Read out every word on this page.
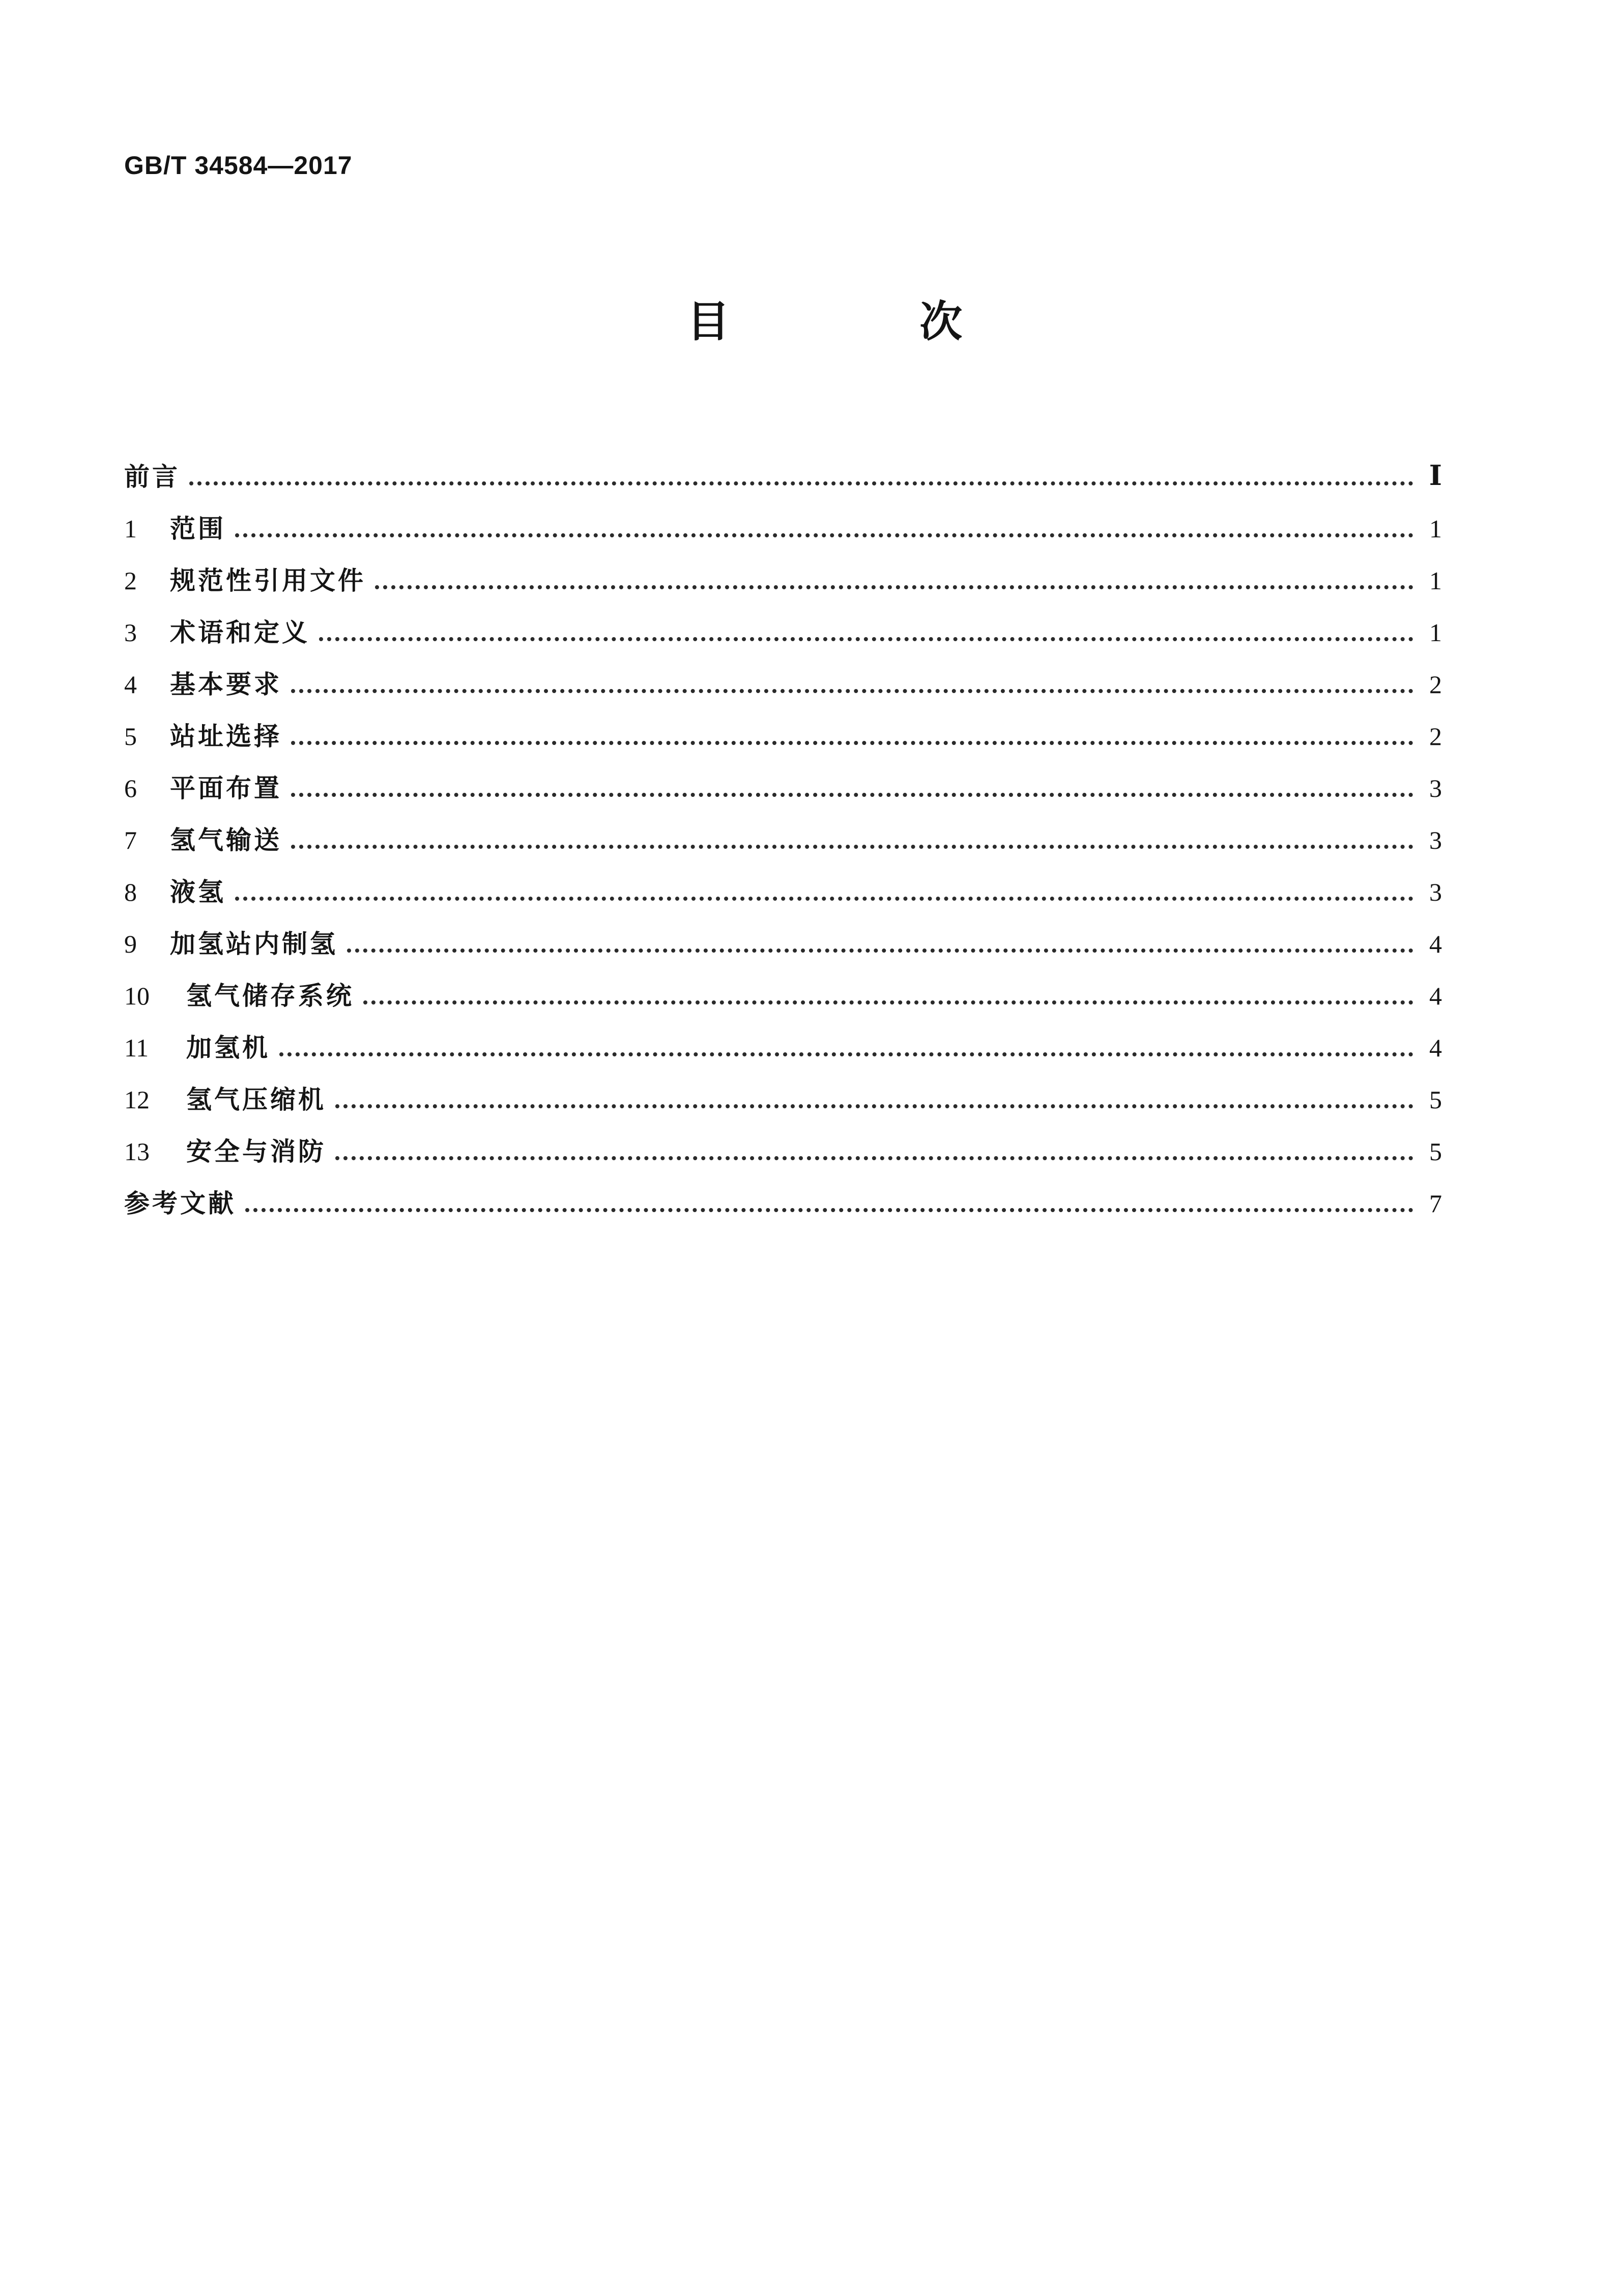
GB/T 34584—2017
目 次
前言	Ⅰ
1	范围	1
2	规范性引用文件	1
3	术语和定义	1
4	基本要求	2
5	站址选择	2
6	平面布置	3
7	氢气输送	3
8	液氢	3
9	加氢站内制氢	4
10	氢气储存系统	4
11	加氢机	4
12	氢气压缩机	5
13	安全与消防	5
参考文献	7
